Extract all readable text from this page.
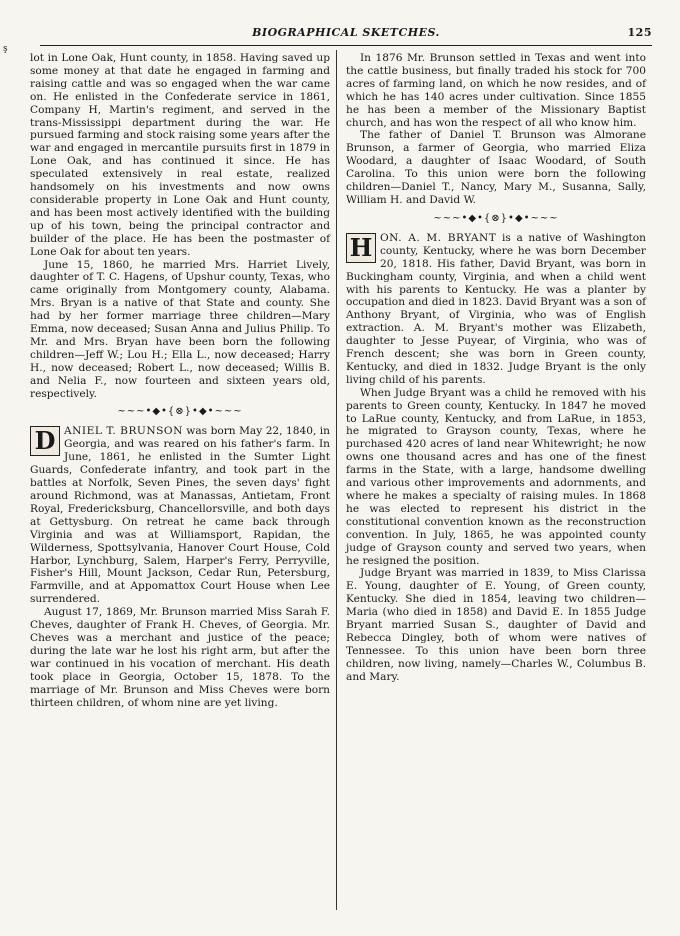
ş
BIOGRAPHICAL SKETCHES.	125

lot in Lone Oak, Hunt county, in 1858. Having saved up some money at that date he engaged in farming and raising cattle and was so engaged when the war came on. He enlisted in the Confederate service in 1861, Company H, Martin's regiment, and served in the trans-Mississippi department during the war. He pursued farming and stock raising some years after the war and engaged in mercantile pursuits first in 1879 in Lone Oak, and has continued it since. He has speculated extensively in real estate, realized handsomely on his investments and now owns considerable property in Lone Oak and Hunt county, and has been most actively identified with the building up of his town, being the principal contractor and builder of the place. He has been the postmaster of Lone Oak for about ten years.

June 15, 1860, he married Mrs. Harriet Lively, daughter of T. C. Hagens, of Upshur county, Texas, who came originally from Montgomery county, Alabama. Mrs. Bryan is a native of that State and county. She had by her former marriage three children—Mary Emma, now deceased; Susan Anna and Julius Philip. To Mr. and Mrs. Bryan have been born the following children—Jeff W.; Lou H.; Ella L., now deceased; Harry H., now deceased; Robert L., now deceased; Willis B. and Nelia F., now fourteen and sixteen years old, respectively.

~~~•◆•{⊗}•◆•~~~

D ANIEL T. BRUNSON was born May 22, 1840, in Georgia, and was reared on his father's farm. In June, 1861, he enlisted in the Sumter Light Guards, Confederate infantry, and took part in the battles at Norfolk, Seven Pines, the seven days' fight around Richmond, was at Manassas, Antietam, Front Royal, Fredericksburg, Chancellorsville, and both days at Gettysburg. On retreat he came back through Virginia and was at Williamsport, Rapidan, the Wilderness, Spottsylvania, Hanover Court House, Cold Harbor, Lynchburg, Salem, Harper's Ferry, Perryville, Fisher's Hill, Mount Jackson, Cedar Run, Petersburg, Farmville, and at Appomattox Court House when Lee surrendered.

August 17, 1869, Mr. Brunson married Miss Sarah F. Cheves, daughter of Frank H. Cheves, of Georgia. Mr. Cheves was a merchant and justice of the peace; during the late war he lost his right arm, but after the war continued in his vocation of merchant. His death took place in Georgia, October 15, 1878. To the marriage of Mr. Brunson and Miss Cheves were born thirteen children, of whom nine are yet living.

In 1876 Mr. Brunson settled in Texas and went into the cattle business, but finally traded his stock for 700 acres of farming land, on which he now resides, and of which he has 140 acres under cultivation. Since 1855 he has been a member of the Missionary Baptist church, and has won the respect of all who know him.

The father of Daniel T. Brunson was Almorane Brunson, a farmer of Georgia, who married Eliza Woodard, a daughter of Isaac Woodard, of South Carolina. To this union were born the following children—Daniel T., Nancy, Mary M., Susanna, Sally, William H. and David W.

~~~•◆•{⊗}•◆•~~~

H ON. A. M. BRYANT is a native of Washington county, Kentucky, where he was born December 20, 1818. His father, David Bryant, was born in Buckingham county, Virginia, and when a child went with his parents to Kentucky. He was a planter by occupation and died in 1823. David Bryant was a son of Anthony Bryant, of Virginia, who was of English extraction. A. M. Bryant's mother was Elizabeth, daughter to Jesse Puyear, of Virginia, who was of French descent; she was born in Green county, Kentucky, and died in 1832. Judge Bryant is the only living child of his parents.

When Judge Bryant was a child he removed with his parents to Green county, Kentucky. In 1847 he moved to LaRue county, Kentucky, and from LaRue, in 1853, he migrated to Grayson county, Texas, where he purchased 420 acres of land near Whitewright; he now owns one thousand acres and has one of the finest farms in the State, with a large, handsome dwelling and various other improvements and adornments, and where he makes a specialty of raising mules. In 1868 he was elected to represent his district in the constitutional convention known as the reconstruction convention. In July, 1865, he was appointed county judge of Grayson county and served two years, when he resigned the position.

Judge Bryant was married in 1839, to Miss Clarissa E. Young, daughter of E. Young, of Green county, Kentucky. She died in 1854, leaving two children—Maria (who died in 1858) and David E. In 1855 Judge Bryant married Susan S., daughter of David and Rebecca Dingley, both of whom were natives of Tennessee. To this union have been born three children, now living, namely—Charles W., Columbus B. and Mary.
